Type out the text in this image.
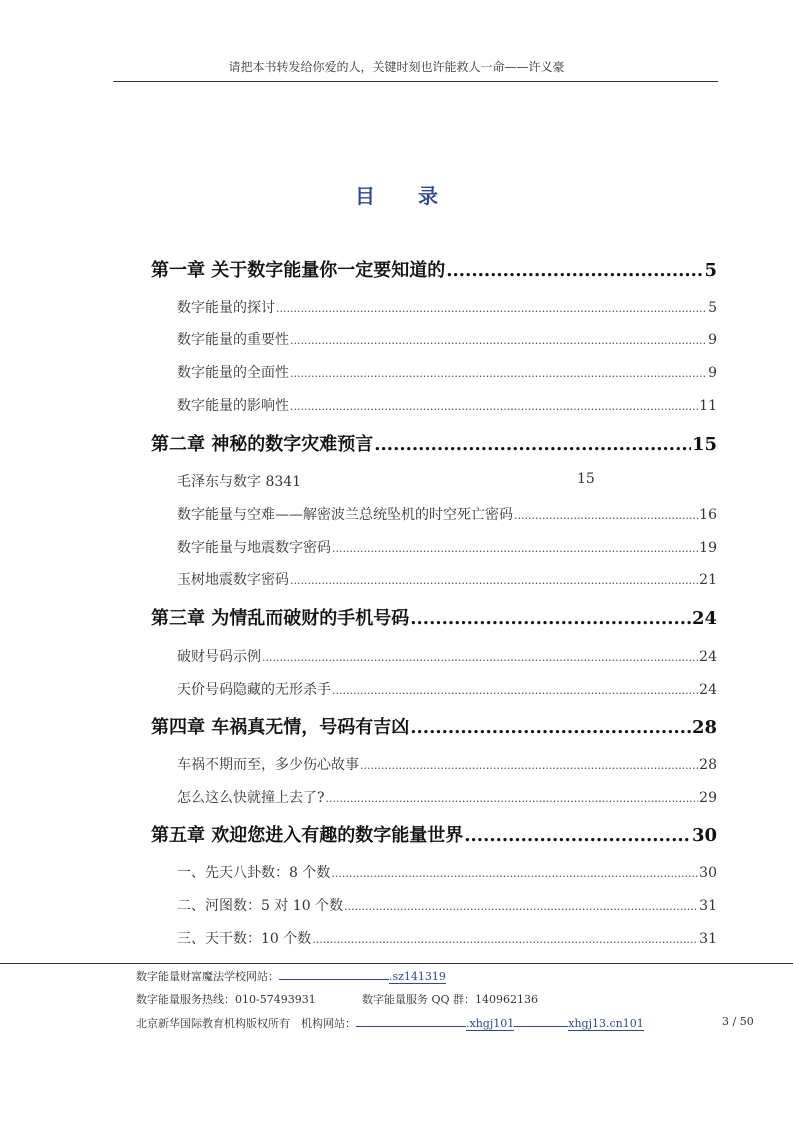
请把本书转发给你爱的人，关键时刻也许能救人一命——许义豪
目 录
第一章 关于数字能量你一定要知道的 .....	5
数字能量的探讨 .....	5
数字能量的重要性 .....	9
数字能量的全面性 .....	9
数字能量的影响性 .....	11
第二章 神秘的数字灾难预言 .....	15
毛泽东与数字 8341	15
数字能量与空难——解密波兰总统坠机的时空死亡密码 .....	16
数字能量与地震数字密码 .....	19
玉树地震数字密码 .....	21
第三章 为情乱而破财的手机号码 .....	24
破财号码示例 .....	24
天价号码隐藏的无形杀手 .....	24
第四章 车祸真无情，号码有吉凶 .....	28
车祸不期而至，多少伤心故事 .....	28
怎么这么快就撞上去了? .....	29
第五章 欢迎您进入有趣的数字能量世界 .....	30
一、先天八卦数：8 个数 .....	30
二、河图数：5 对 10 个数 .....	31
三、天干数：10 个数 .....	31
数字能量财富魔法学校网站：	.sz141319
数字能量服务热线：010-57493931	数字能量服务 QQ 群：140962136
北京新华国际教育机构版权所有　机构网站：	.xhgj101	xhgj13.cn101	3 / 50
